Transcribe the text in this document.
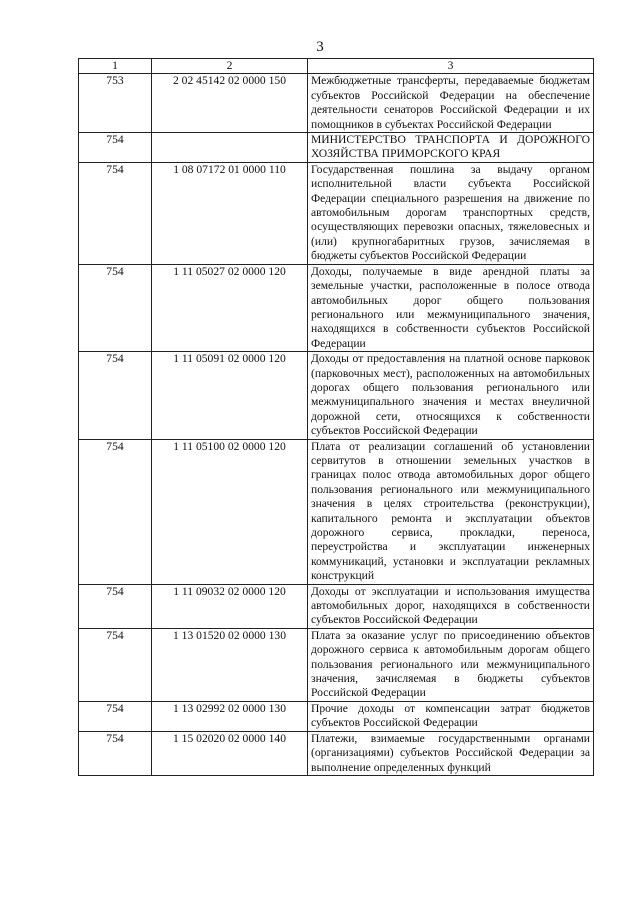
3
1	2	3
753	2 02 45142 02 0000 150	Межбюджетные трансферты, передаваемые бюджетам субъектов Российской Федерации на обеспечение деятельности сенаторов Российской Федерации и их помощников в субъектах Российской Федерации
754		МИНИСТЕРСТВО ТРАНСПОРТА И ДОРОЖНОГО ХОЗЯЙСТВА ПРИМОРСКОГО КРАЯ
754	1 08 07172 01 0000 110	Государственная пошлина за выдачу органом исполнительной власти субъекта Российской Федерации специального разрешения на движение по автомобильным дорогам транспортных средств, осуществляющих перевозки опасных, тяжеловесных и (или) крупногабаритных грузов, зачисляемая в бюджеты субъектов Российской Федерации
754	1 11 05027 02 0000 120	Доходы, получаемые в виде арендной платы за земельные участки, расположенные в полосе отвода автомобильных дорог общего пользования регионального или межмуниципального значения, находящихся в собственности субъектов Российской Федерации
754	1 11 05091 02 0000 120	Доходы от предоставления на платной основе парковок (парковочных мест), расположенных на автомобильных дорогах общего пользования регионального или межмуниципального значения и местах внеуличной дорожной сети, относящихся к собственности субъектов Российской Федерации
754	1 11 05100 02 0000 120	Плата от реализации соглашений об установлении сервитутов в отношении земельных участков в границах полос отвода автомобильных дорог общего пользования регионального или межмуниципального значения в целях строительства (реконструкции), капитального ремонта и эксплуатации объектов дорожного сервиса, прокладки, переноса, переустройства и эксплуатации инженерных коммуникаций, установки и эксплуатации рекламных конструкций
754	1 11 09032 02 0000 120	Доходы от эксплуатации и использования имущества автомобильных дорог, находящихся в собственности субъектов Российской Федерации
754	1 13 01520 02 0000 130	Плата за оказание услуг по присоединению объектов дорожного сервиса к автомобильным дорогам общего пользования регионального или межмуниципального значения, зачисляемая в бюджеты субъектов Российской Федерации
754	1 13 02992 02 0000 130	Прочие доходы от компенсации затрат бюджетов субъектов Российской Федерации
754	1 15 02020 02 0000 140	Платежи, взимаемые государственными органами (организациями) субъектов Российской Федерации за выполнение определенных функций
